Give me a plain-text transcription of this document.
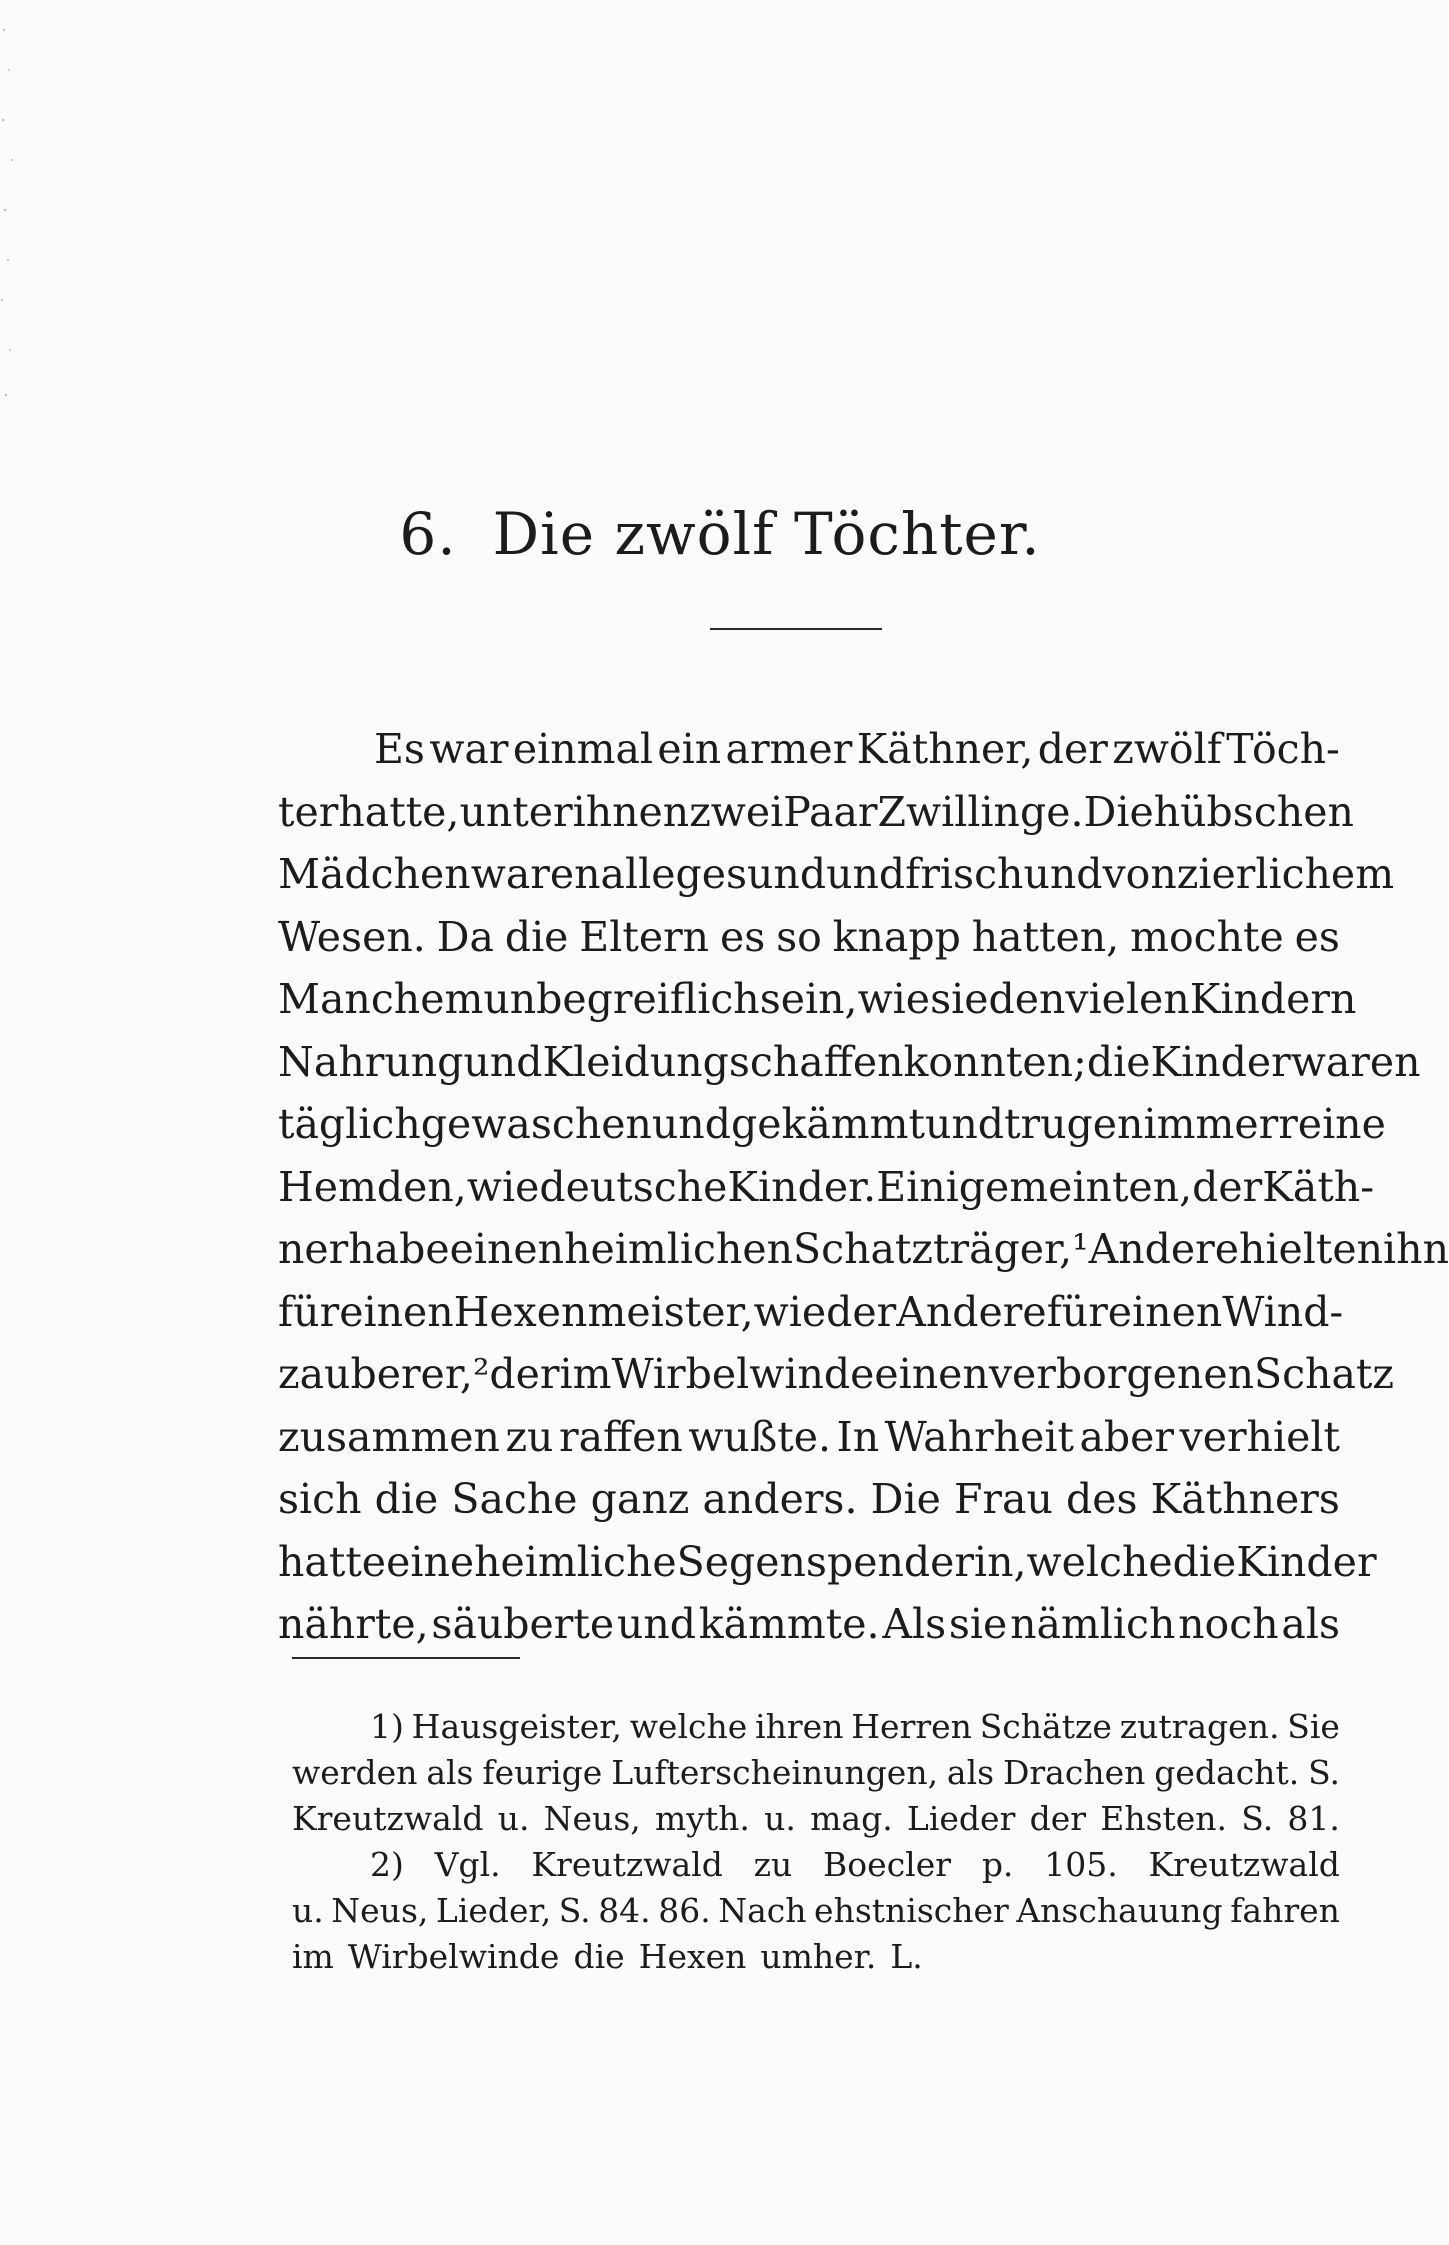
6. Die zwölf Töchter.
Es war einmal ein armer Käthner, der zwölf Töch-
ter hatte, unter ihnen zwei Paar Zwillinge. Die hübschen
Mädchen waren alle gesund und frisch und von zierlichem
Wesen. Da die Eltern es so knapp hatten, mochte es
Manchem unbegreiflich sein, wie sie den vielen Kindern
Nahrung und Kleidung schaffen konnten; die Kinder waren
täglich gewaschen und gekämmt und trugen immer reine
Hemden, wie deutsche Kinder. Einige meinten, der Käth-
ner habe einen heimlichen Schatzträger,¹ Andere hielten ihn
für einen Hexenmeister, wieder Andere für einen Wind-
zauberer,² der im Wirbelwinde einen verborgenen Schatz
zusammen zu raffen wußte. In Wahrheit aber verhielt
sich die Sache ganz anders. Die Frau des Käthners
hatte eine heimliche Segenspenderin, welche die Kinder
nährte, säuberte und kämmte. Als sie nämlich noch als
1) Hausgeister, welche ihren Herren Schätze zutragen. Sie
werden als feurige Lufterscheinungen, als Drachen gedacht. S.
Kreutzwald u. Neus, myth. u. mag. Lieder der Ehsten. S. 81.
2) Vgl. Kreutzwald zu Boecler p. 105. Kreutzwald
u. Neus, Lieder, S. 84. 86. Nach ehstnischer Anschauung fahren
im Wirbelwinde die Hexen umher. L.
